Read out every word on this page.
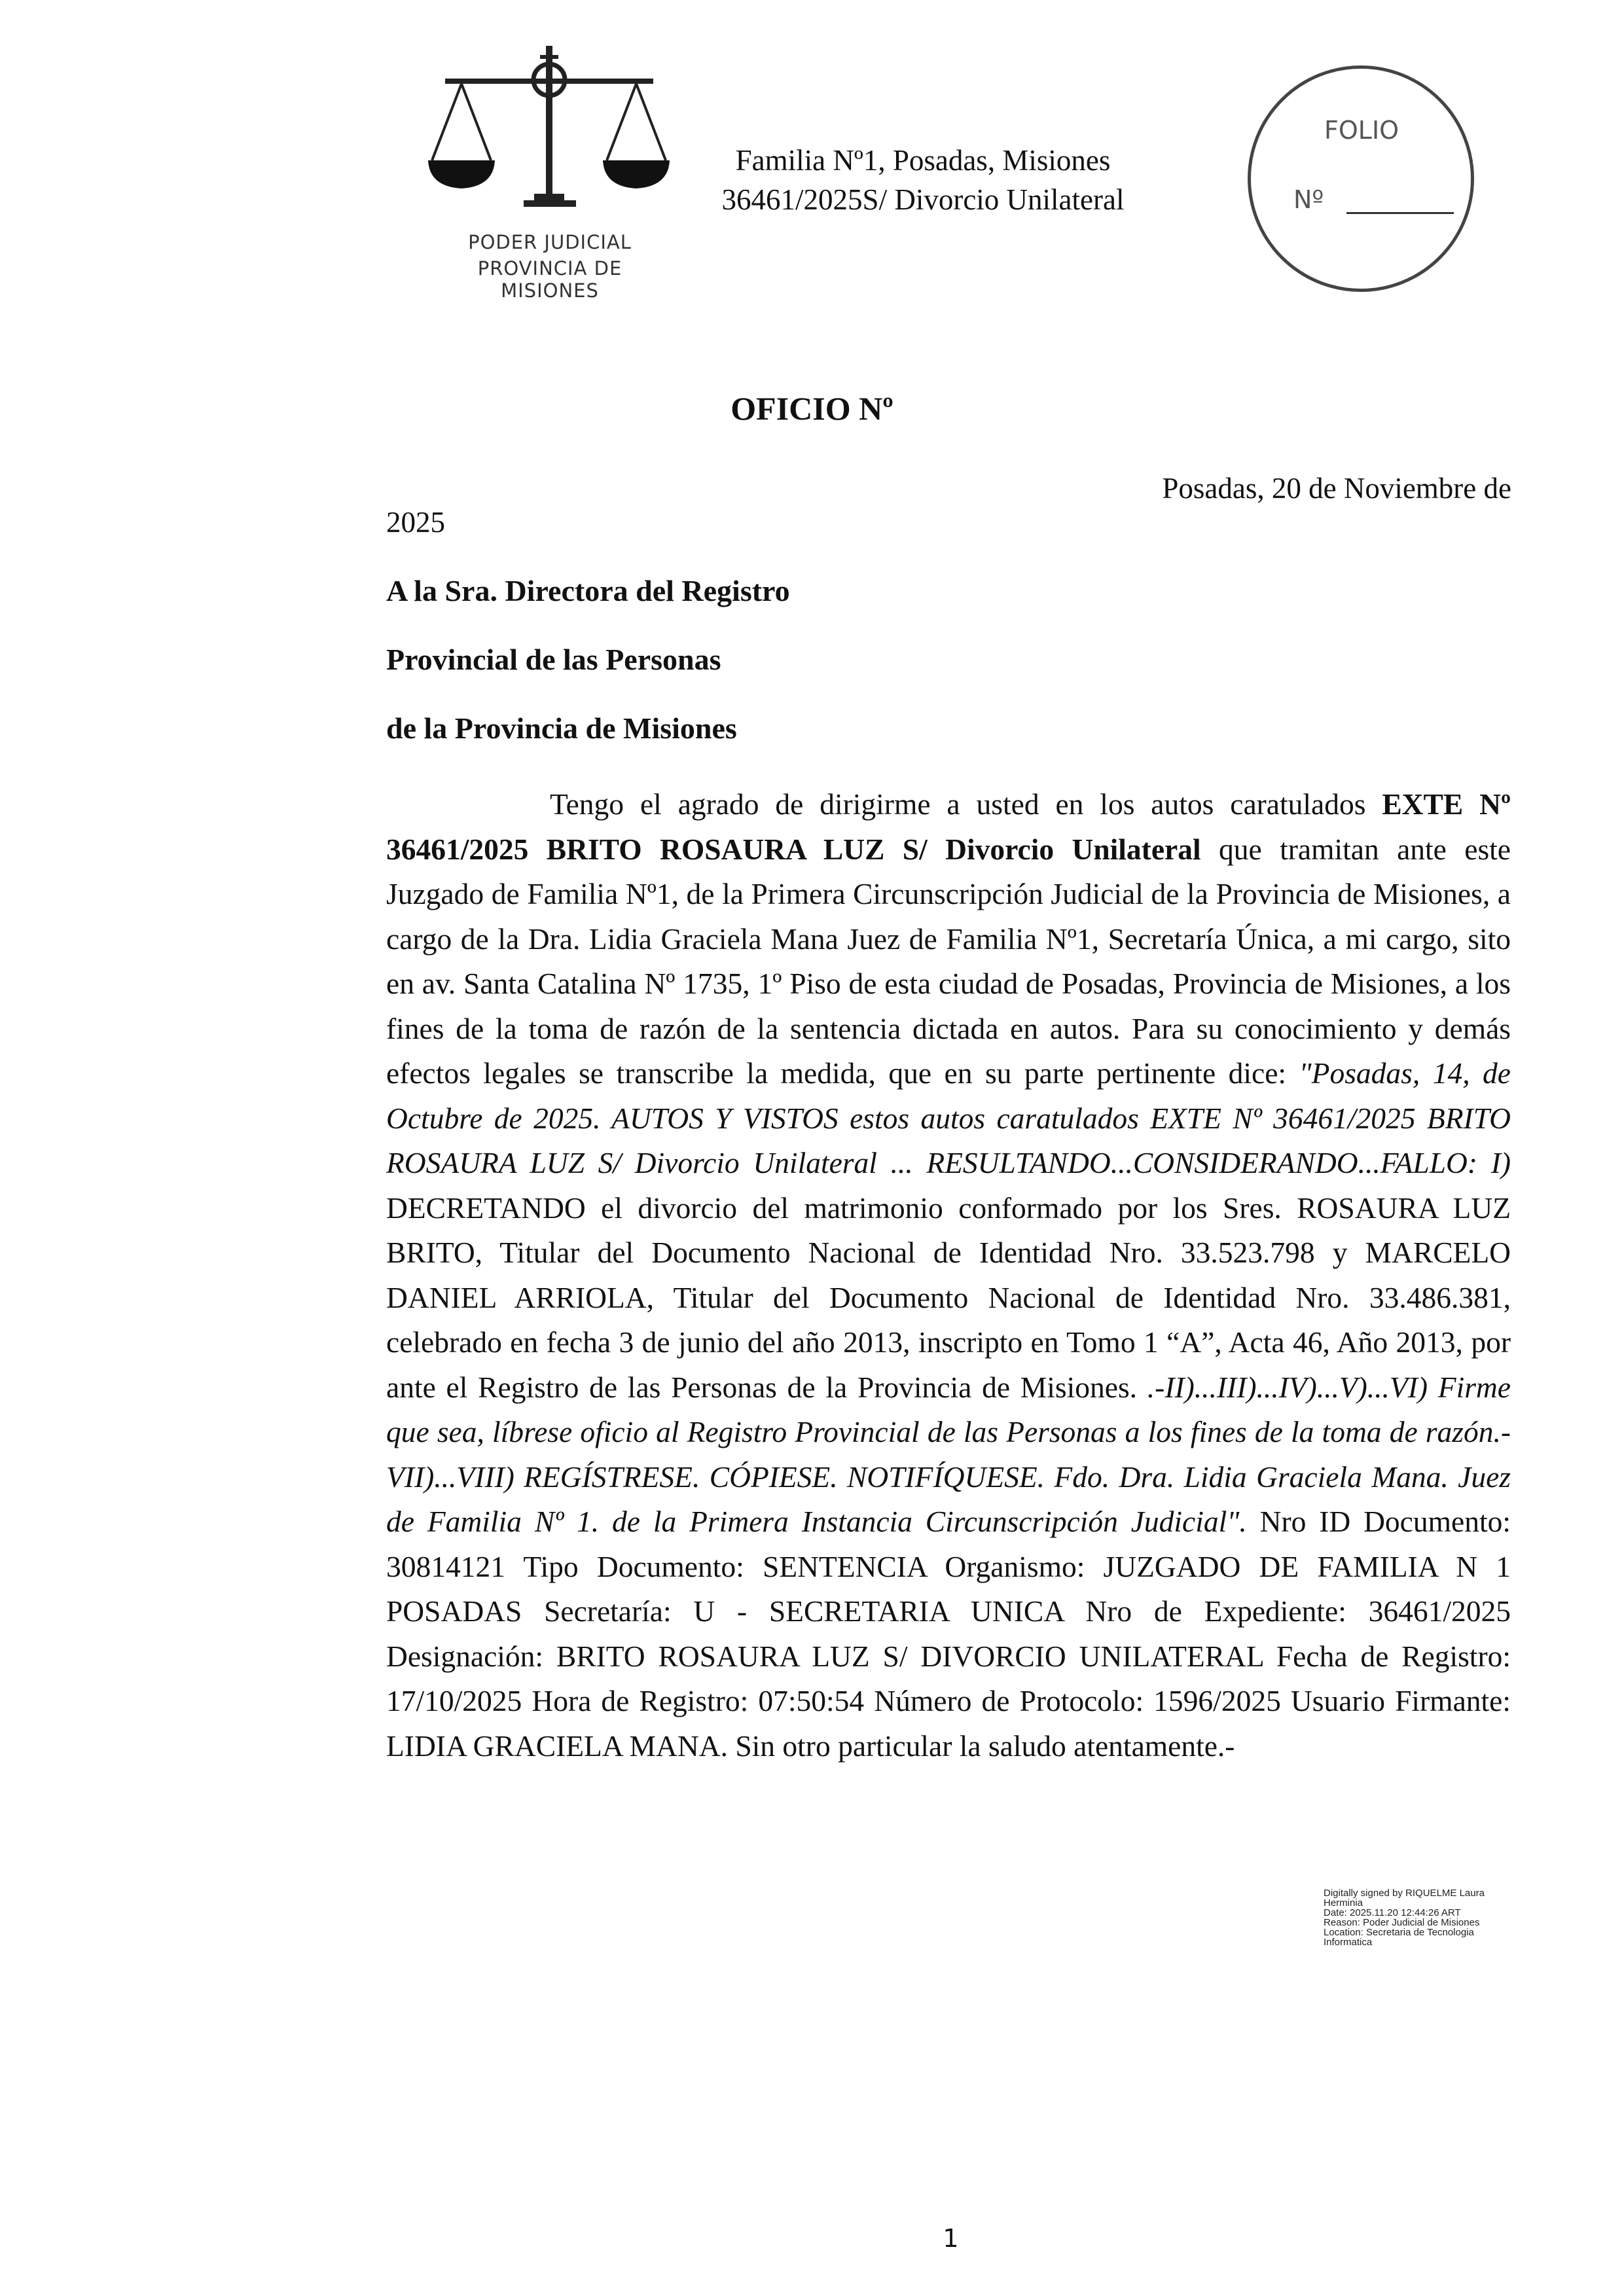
PODER JUDICIAL
PROVINCIA DE MISIONES
Familia Nº1, Posadas, Misiones
36461/2025S/ Divorcio Unilateral
FOLIO
Nº
OFICIO Nº
Posadas, 20 de Noviembre de
2025
A la Sra. Directora del Registro
Provincial de las Personas
de la Provincia de Misiones

Tengo el agrado de dirigirme a usted en los autos caratulados EXTE Nº 36461/2025 BRITO ROSAURA LUZ S/ Divorcio Unilateral que tramitan ante este Juzgado de Familia Nº1, de la Primera Circunscripción Judicial de la Provincia de Misiones, a cargo de la Dra. Lidia Graciela Mana Juez de Familia Nº1, Secretaría Única, a mi cargo, sito en av. Santa Catalina Nº 1735, 1º Piso de esta ciudad de Posadas, Provincia de Misiones, a los fines de la toma de razón de la sentencia dictada en autos. Para su conocimiento y demás efectos legales se transcribe la medida, que en su parte pertinente dice: "Posadas, 14, de Octubre de 2025. AUTOS Y VISTOS estos autos caratulados EXTE Nº 36461/2025 BRITO ROSAURA LUZ S/ Divorcio Unilateral ... RESULTANDO...CONSIDERANDO...FALLO: I) DECRETANDO el divorcio del matrimonio conformado por los Sres. ROSAURA LUZ BRITO, Titular del Documento Nacional de Identidad Nro. 33.523.798 y MARCELO DANIEL ARRIOLA, Titular del Documento Nacional de Identidad Nro. 33.486.381, celebrado en fecha 3 de junio del año 2013, inscripto en Tomo 1 “A”, Acta 46, Año 2013, por ante el Registro de las Personas de la Provincia de Misiones. .-II)...III)...IV)...V)...VI) Firme que sea, líbrese oficio al Registro Provincial de las Personas a los fines de la toma de razón.-VII)...VIII) REGÍSTRESE. CÓPIESE. NOTIFÍQUESE. Fdo. Dra. Lidia Graciela Mana. Juez de Familia Nº 1. de la Primera Instancia Circunscripción Judicial". Nro ID Documento: 30814121 Tipo Documento: SENTENCIA Organismo: JUZGADO DE FAMILIA N 1 POSADAS Secretaría: U - SECRETARIA UNICA Nro de Expediente: 36461/2025 Designación: BRITO ROSAURA LUZ S/ DIVORCIO UNILATERAL Fecha de Registro: 17/10/2025 Hora de Registro: 07:50:54 Número de Protocolo: 1596/2025 Usuario Firmante: LIDIA GRACIELA MANA. Sin otro particular la saludo atentamente.-

Digitally signed by RIQUELME Laura
Herminia
Date: 2025.11.20 12:44:26 ART
Reason: Poder Judicial de Misiones
Location: Secretaria de Tecnologia
Informatica
1
